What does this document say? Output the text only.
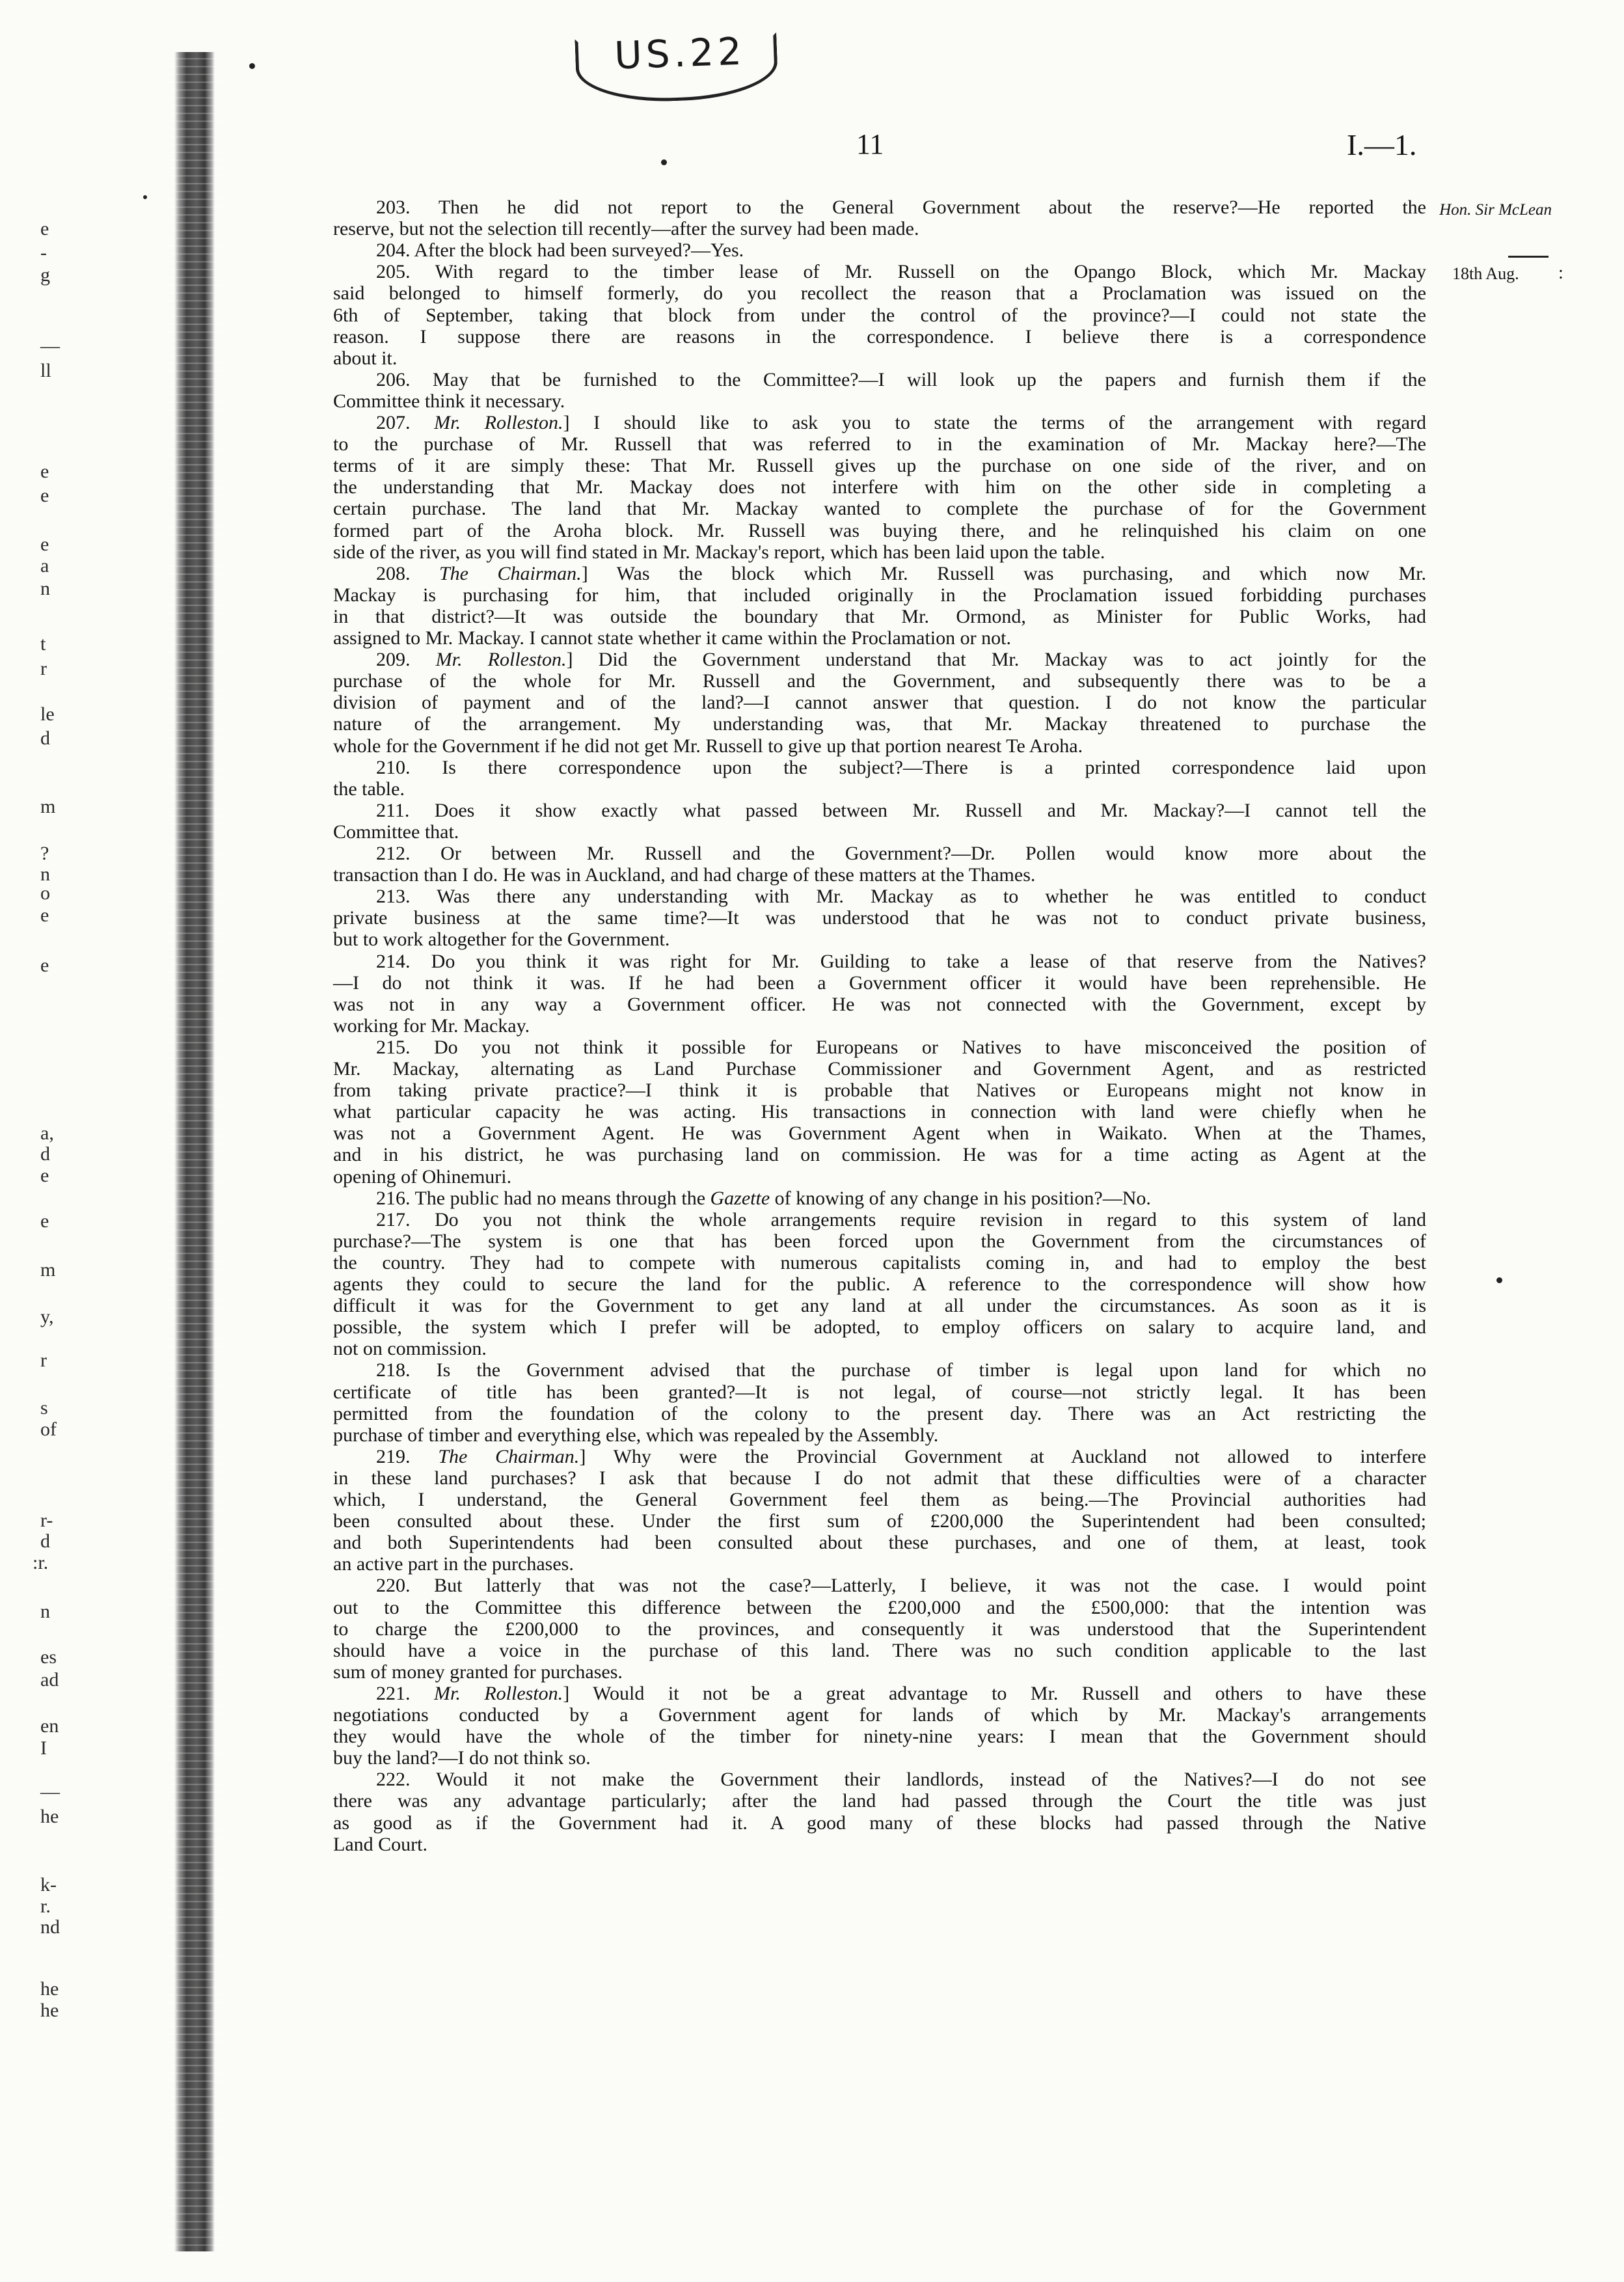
US.22
11	I.—1.
Hon. Sir McLean
18th Aug. :
e
-
g
—
ll
e
e
e
a
n
t
r
le
d
m
?
n
o
e
e
a,
d
e
e
m
y,
r
s
of
r-
d
:r.
n
es
ad
en
I
—
he
k-
r.
nd
he
he
203. Then he did not report to the General Government about the reserve?—He reported the
reserve, but not the selection till recently—after the survey had been made.
204. After the block had been surveyed?—Yes.
205. With regard to the timber lease of Mr. Russell on the Opango Block, which Mr. Mackay
said belonged to himself formerly, do you recollect the reason that a Proclamation was issued on the
6th of September, taking that block from under the control of the province?—I could not state the
reason. I suppose there are reasons in the correspondence. I believe there is a correspondence
about it.
206. May that be furnished to the Committee?—I will look up the papers and furnish them if the
Committee think it necessary.
207. Mr. Rolleston.] I should like to ask you to state the terms of the arrangement with regard
to the purchase of Mr. Russell that was referred to in the examination of Mr. Mackay here?—The
terms of it are simply these: That Mr. Russell gives up the purchase on one side of the river, and on
the understanding that Mr. Mackay does not interfere with him on the other side in completing a
certain purchase. The land that Mr. Mackay wanted to complete the purchase of for the Government
formed part of the Aroha block. Mr. Russell was buying there, and he relinquished his claim on one
side of the river, as you will find stated in Mr. Mackay's report, which has been laid upon the table.
208. The Chairman.] Was the block which Mr. Russell was purchasing, and which now Mr.
Mackay is purchasing for him, that included originally in the Proclamation issued forbidding purchases
in that district?—It was outside the boundary that Mr. Ormond, as Minister for Public Works, had
assigned to Mr. Mackay. I cannot state whether it came within the Proclamation or not.
209. Mr. Rolleston.] Did the Government understand that Mr. Mackay was to act jointly for the
purchase of the whole for Mr. Russell and the Government, and subsequently there was to be a
division of payment and of the land?—I cannot answer that question. I do not know the particular
nature of the arrangement. My understanding was, that Mr. Mackay threatened to purchase the
whole for the Government if he did not get Mr. Russell to give up that portion nearest Te Aroha.
210. Is there correspondence upon the subject?—There is a printed correspondence laid upon
the table.
211. Does it show exactly what passed between Mr. Russell and Mr. Mackay?—I cannot tell the
Committee that.
212. Or between Mr. Russell and the Government?—Dr. Pollen would know more about the
transaction than I do. He was in Auckland, and had charge of these matters at the Thames.
213. Was there any understanding with Mr. Mackay as to whether he was entitled to conduct
private business at the same time?—It was understood that he was not to conduct private business,
but to work altogether for the Government.
214. Do you think it was right for Mr. Guilding to take a lease of that reserve from the Natives?
—I do not think it was. If he had been a Government officer it would have been reprehensible. He
was not in any way a Government officer. He was not connected with the Government, except by
working for Mr. Mackay.
215. Do you not think it possible for Europeans or Natives to have misconceived the position of
Mr. Mackay, alternating as Land Purchase Commissioner and Government Agent, and as restricted
from taking private practice?—I think it is probable that Natives or Europeans might not know in
what particular capacity he was acting. His transactions in connection with land were chiefly when he
was not a Government Agent. He was Government Agent when in Waikato. When at the Thames,
and in his district, he was purchasing land on commission. He was for a time acting as Agent at the
opening of Ohinemuri.
216. The public had no means through the Gazette of knowing of any change in his position?—No.
217. Do you not think the whole arrangements require revision in regard to this system of land
purchase?—The system is one that has been forced upon the Government from the circumstances of
the country. They had to compete with numerous capitalists coming in, and had to employ the best
agents they could to secure the land for the public. A reference to the correspondence will show how
difficult it was for the Government to get any land at all under the circumstances. As soon as it is
possible, the system which I prefer will be adopted, to employ officers on salary to acquire land, and
not on commission.
218. Is the Government advised that the purchase of timber is legal upon land for which no
certificate of title has been granted?—It is not legal, of course—not strictly legal. It has been
permitted from the foundation of the colony to the present day. There was an Act restricting the
purchase of timber and everything else, which was repealed by the Assembly.
219. The Chairman.] Why were the Provincial Government at Auckland not allowed to interfere
in these land purchases? I ask that because I do not admit that these difficulties were of a character
which, I understand, the General Government feel them as being.—The Provincial authorities had
been consulted about these. Under the first sum of £200,000 the Superintendent had been consulted;
and both Superintendents had been consulted about these purchases, and one of them, at least, took
an active part in the purchases.
220. But latterly that was not the case?—Latterly, I believe, it was not the case. I would point
out to the Committee this difference between the £200,000 and the £500,000: that the intention was
to charge the £200,000 to the provinces, and consequently it was understood that the Superintendent
should have a voice in the purchase of this land. There was no such condition applicable to the last
sum of money granted for purchases.
221. Mr. Rolleston.] Would it not be a great advantage to Mr. Russell and others to have these
negotiations conducted by a Government agent for lands of which by Mr. Mackay's arrangements
they would have the whole of the timber for ninety-nine years: I mean that the Government should
buy the land?—I do not think so.
222. Would it not make the Government their landlords, instead of the Natives?—I do not see
there was any advantage particularly; after the land had passed through the Court the title was just
as good as if the Government had it. A good many of these blocks had passed through the Native
Land Court.
